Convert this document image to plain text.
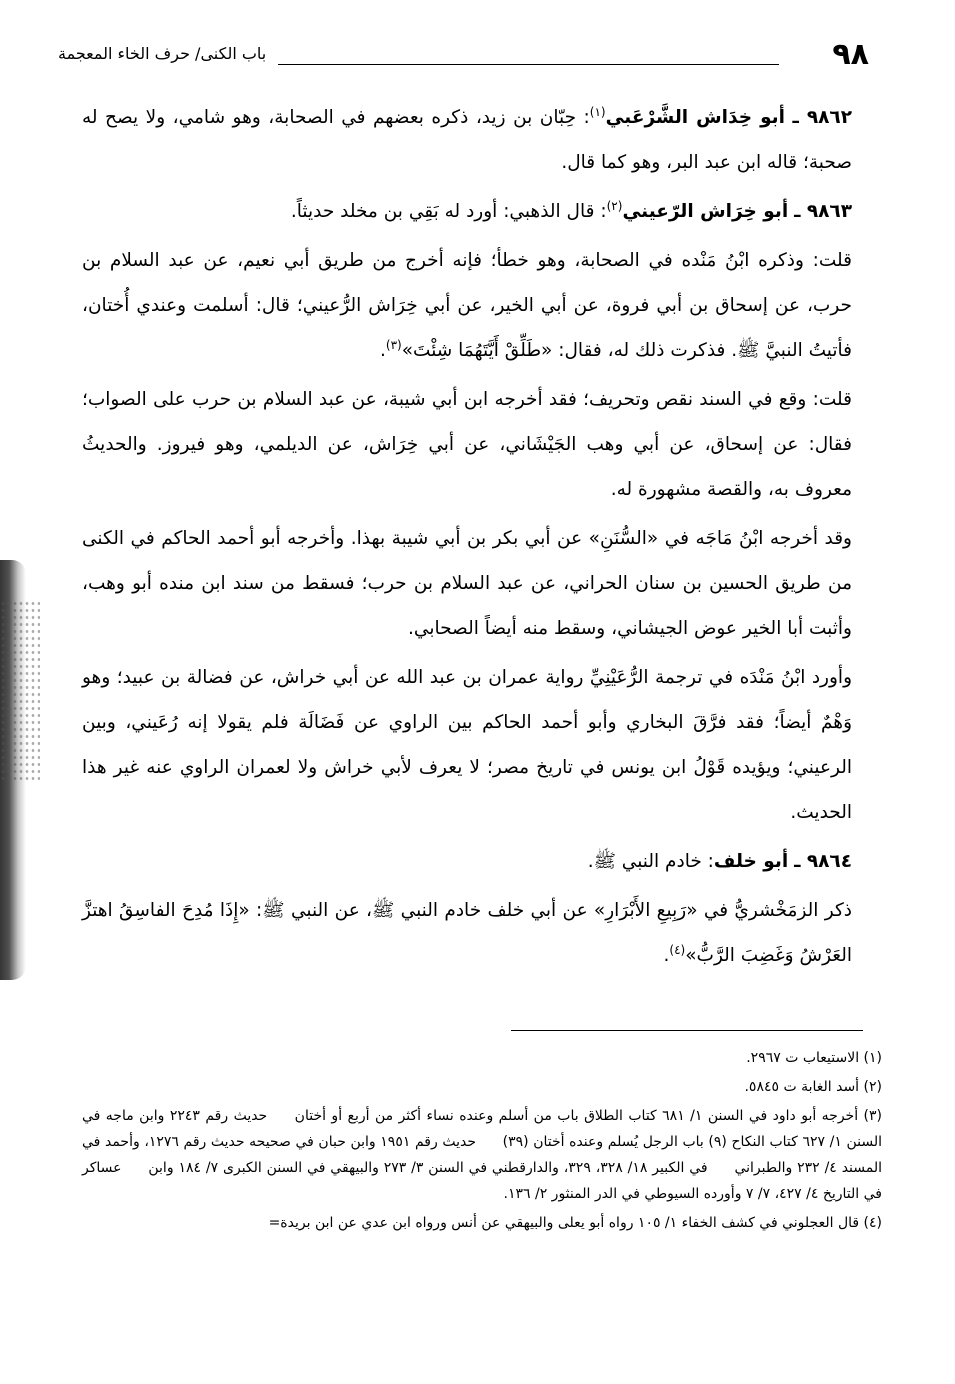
٩٨
باب الكنى/ حرف الخاء المعجمة

٩٨٦٢ ـ أبو خِدَاش الشَّرْعَبي$^{(١)}$: حِبّان بن زيد، ذكره بعضهم في الصحابة، وهو شامي، ولا يصح له صحبة؛ قاله ابن عبد البر، وهو كما قال.

٩٨٦٣ ـ أبو خِرَاش الرّعيني$^{(٢)}$: قال الذهبي: أورد له بَقِي بن مخلد حديثاً.

قلت: وذكره ابْنُ مَنْده في الصحابة، وهو خطأ؛ فإنه أخرج من طريق أبي نعيم، عن عبد السلام بن حرب، عن إسحاق بن أبي فروة، عن أبي الخير، عن أبي خِرَاش الرُّعيني؛ قال: أسلمت وعندي أُختان، فأتيتُ النبيَّ ﷺ. فذكرت ذلك له، فقال: «طَلِّقْ أَيَّتَهُمَا شِئْتَ»$^{(٣)}$.

قلت: وقع في السند نقص وتحريف؛ فقد أخرجه ابن أبي شيبة، عن عبد السلام بن حرب على الصواب؛ فقال: عن إسحاق، عن أبي وهب الجَيْشَاني، عن أبي خِرَاش، عن الديلمي، وهو فيروز. والحديثُ معروف به، والقصة مشهورة له.

وقد أخرجه ابْنُ مَاجَه في «السُّنَنِ» عن أبي بكر بن أبي شيبة بهذا. وأخرجه أبو أحمد الحاكم في الكنى من طريق الحسين بن سنان الحراني، عن عبد السلام بن حرب؛ فسقط من سند ابن منده أبو وهب، وأثبت أبا الخير عوض الجيشاني، وسقط منه أيضاً الصحابي.

وأورد ابْنُ مَنْدَه في ترجمة الرُّعَيْنِيِّ رواية عمران بن عبد الله عن أبي خراش، عن فضالة بن عبيد؛ وهو وَهْمٌ أيضاً؛ فقد فرَّقَ البخاري وأبو أحمد الحاكم بين الراوي عن فَضَالَة فلم يقولا إنه رُعَيني، وبين الرعيني؛ ويؤيده قَوْلُ ابن يونس في تاريخ مصر؛ لا يعرف لأبي خراش ولا لعمران الراوي عنه غير هذا الحديث.

٩٨٦٤ ـ أبو خلف: خادم النبي ﷺ.

ذكر الزمَخْشريُّ في «رَبِيعِ الأَبْرَارِ» عن أبي خلف خادم النبي ﷺ، عن النبي ﷺ: «إِذَا مُدِحَ الفاسِقُ اهتزَّ العَرْشُ وَغَضِبَ الرَّبُّ»$^{(٤)}$.

(١) الاستيعاب ت ٢٩٦٧.

(٢) أسد الغابة ت ٥٨٤٥.

(٣) أخرجه أبو داود في السنن ١/ ٦٨١ كتاب الطلاق باب من أسلم وعنده نساء أكثر من أربع أو أختان حديث رقم ٢٢٤٣ وابن ماجه في السنن ١/ ٦٢٧ كتاب النكاح (٩) باب الرجل يُسلم وعنده أختان (٣٩) حديث رقم ١٩٥١ وابن حبان في صحيحه حديث رقم ١٢٧٦، وأحمد في المسند ٤/ ٢٣٢ والطبراني في الكبير ١٨/ ٣٢٨، ٣٢٩، والدارقطني في السنن ٣/ ٢٧٣ والبيهقي في السنن الكبرى ٧/ ١٨٤ وابن عساكر في التاريخ ٤/ ٤٢٧، ٧/ ٧ وأورده السيوطي في الدر المنثور ٢/ ١٣٦.

(٤) قال العجلوني في كشف الخفاء ١/ ١٠٥ رواه أبو يعلى والبيهقي عن أنس ورواه ابن عدي عن ابن بريدة=
